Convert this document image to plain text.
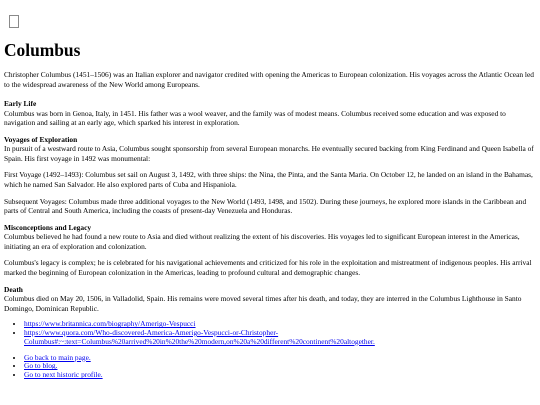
Columbus

Christopher Columbus (1451–1506) was an Italian explorer and navigator credited with opening the Americas to European colonization. His voyages across the Atlantic Ocean led to the widespread awareness of the New World among Europeans.

Early Life

Columbus was born in Genoa, Italy, in 1451. His father was a wool weaver, and the family was of modest means. Columbus received some education and was exposed to navigation and sailing at an early age, which sparked his interest in exploration.

Voyages of Exploration

In pursuit of a westward route to Asia, Columbus sought sponsorship from several European monarchs. He eventually secured backing from King Ferdinand and Queen Isabella of Spain. His first voyage in 1492 was monumental:

First Voyage (1492–1493): Columbus set sail on August 3, 1492, with three ships: the Nina, the Pinta, and the Santa Maria. On October 12, he landed on an island in the Bahamas, which he named San Salvador. He also explored parts of Cuba and Hispaniola.

Subsequent Voyages: Columbus made three additional voyages to the New World (1493, 1498, and 1502). During these journeys, he explored more islands in the Caribbean and parts of Central and South America, including the coasts of present-day Venezuela and Honduras.

Misconceptions and Legacy

Columbus believed he had found a new route to Asia and died without realizing the extent of his discoveries. His voyages led to significant European interest in the Americas, initiating an era of exploration and colonization.

Columbus's legacy is complex; he is celebrated for his navigational achievements and criticized for his role in the exploitation and mistreatment of indigenous peoples. His arrival marked the beginning of European colonization in the Americas, leading to profound cultural and demographic changes.

Death

Columbus died on May 20, 1506, in Valladolid, Spain. His remains were moved several times after his death, and today, they are interred in the Columbus Lighthouse in Santo Domingo, Dominican Republic.

• https://www.britannica.com/biography/Amerigo-Vespucci
• https://www.quora.com/Who-discovered-America-Amerigo-Vespucci-or-Christopher-Columbus#:~:text=Columbus%20arrived%20in%20the%20modern,on%20a%20different%20continent%20altogether.
• Go back to main page.
• Go to blog.
• Go to next historic profile.
